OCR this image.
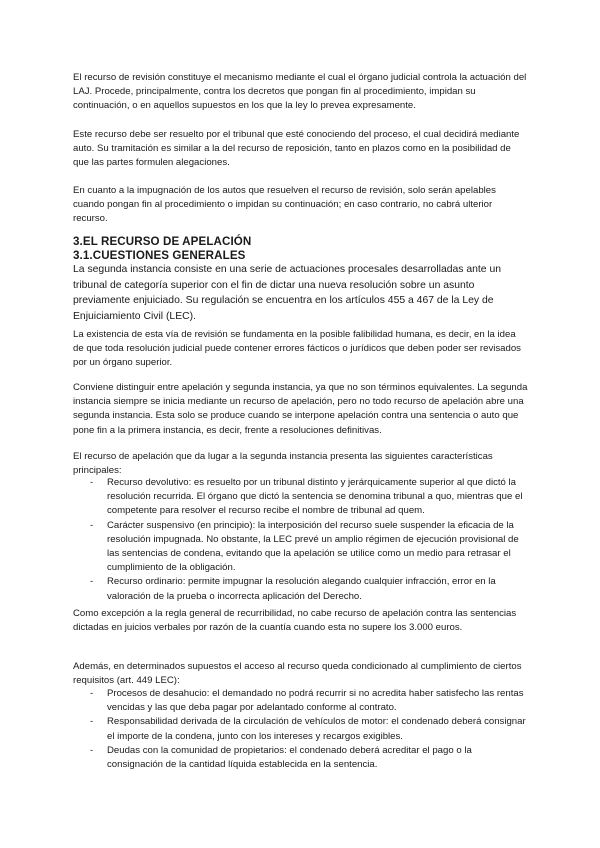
El recurso de revisión constituye el mecanismo mediante el cual el órgano judicial controla la actuación del LAJ. Procede, principalmente, contra los decretos que pongan fin al procedimiento, impidan su continuación, o en aquellos supuestos en los que la ley lo prevea expresamente.

Este recurso debe ser resuelto por el tribunal que esté conociendo del proceso, el cual decidirá mediante auto. Su tramitación es similar a la del recurso de reposición, tanto en plazos como en la posibilidad de que las partes formulen alegaciones.

En cuanto a la impugnación de los autos que resuelven el recurso de revisión, solo serán apelables cuando pongan fin al procedimiento o impidan su continuación; en caso contrario, no cabrá ulterior recurso.

3.EL RECURSO DE APELACIÓN

3.1.CUESTIONES GENERALES

La segunda instancia consiste en una serie de actuaciones procesales desarrolladas ante un tribunal de categoría superior con el fin de dictar una nueva resolución sobre un asunto previamente enjuiciado. Su regulación se encuentra en los artículos 455 a 467 de la Ley de Enjuiciamiento Civil (LEC).

La existencia de esta vía de revisión se fundamenta en la posible falibilidad humana, es decir, en la idea de que toda resolución judicial puede contener errores fácticos o jurídicos que deben poder ser revisados por un órgano superior.

Conviene distinguir entre apelación y segunda instancia, ya que no son términos equivalentes. La segunda instancia siempre se inicia mediante un recurso de apelación, pero no todo recurso de apelación abre una segunda instancia. Esta solo se produce cuando se interpone apelación contra una sentencia o auto que pone fin a la primera instancia, es decir, frente a resoluciones definitivas.

El recurso de apelación que da lugar a la segunda instancia presenta las siguientes características principales:

- Recurso devolutivo: es resuelto por un tribunal distinto y jerárquicamente superior al que dictó la resolución recurrida. El órgano que dictó la sentencia se denomina tribunal a quo, mientras que el competente para resolver el recurso recibe el nombre de tribunal ad quem.
- Carácter suspensivo (en principio): la interposición del recurso suele suspender la eficacia de la resolución impugnada. No obstante, la LEC prevé un amplio régimen de ejecución provisional de las sentencias de condena, evitando que la apelación se utilice como un medio para retrasar el cumplimiento de la obligación.
- Recurso ordinario: permite impugnar la resolución alegando cualquier infracción, error en la valoración de la prueba o incorrecta aplicación del Derecho.

Como excepción a la regla general de recurribilidad, no cabe recurso de apelación contra las sentencias dictadas en juicios verbales por razón de la cuantía cuando esta no supere los 3.000 euros.

Además, en determinados supuestos el acceso al recurso queda condicionado al cumplimiento de ciertos requisitos (art. 449 LEC):

- Procesos de desahucio: el demandado no podrá recurrir si no acredita haber satisfecho las rentas vencidas y las que deba pagar por adelantado conforme al contrato.
- Responsabilidad derivada de la circulación de vehículos de motor: el condenado deberá consignar el importe de la condena, junto con los intereses y recargos exigibles.
- Deudas con la comunidad de propietarios: el condenado deberá acreditar el pago o la consignación de la cantidad líquida establecida en la sentencia.
